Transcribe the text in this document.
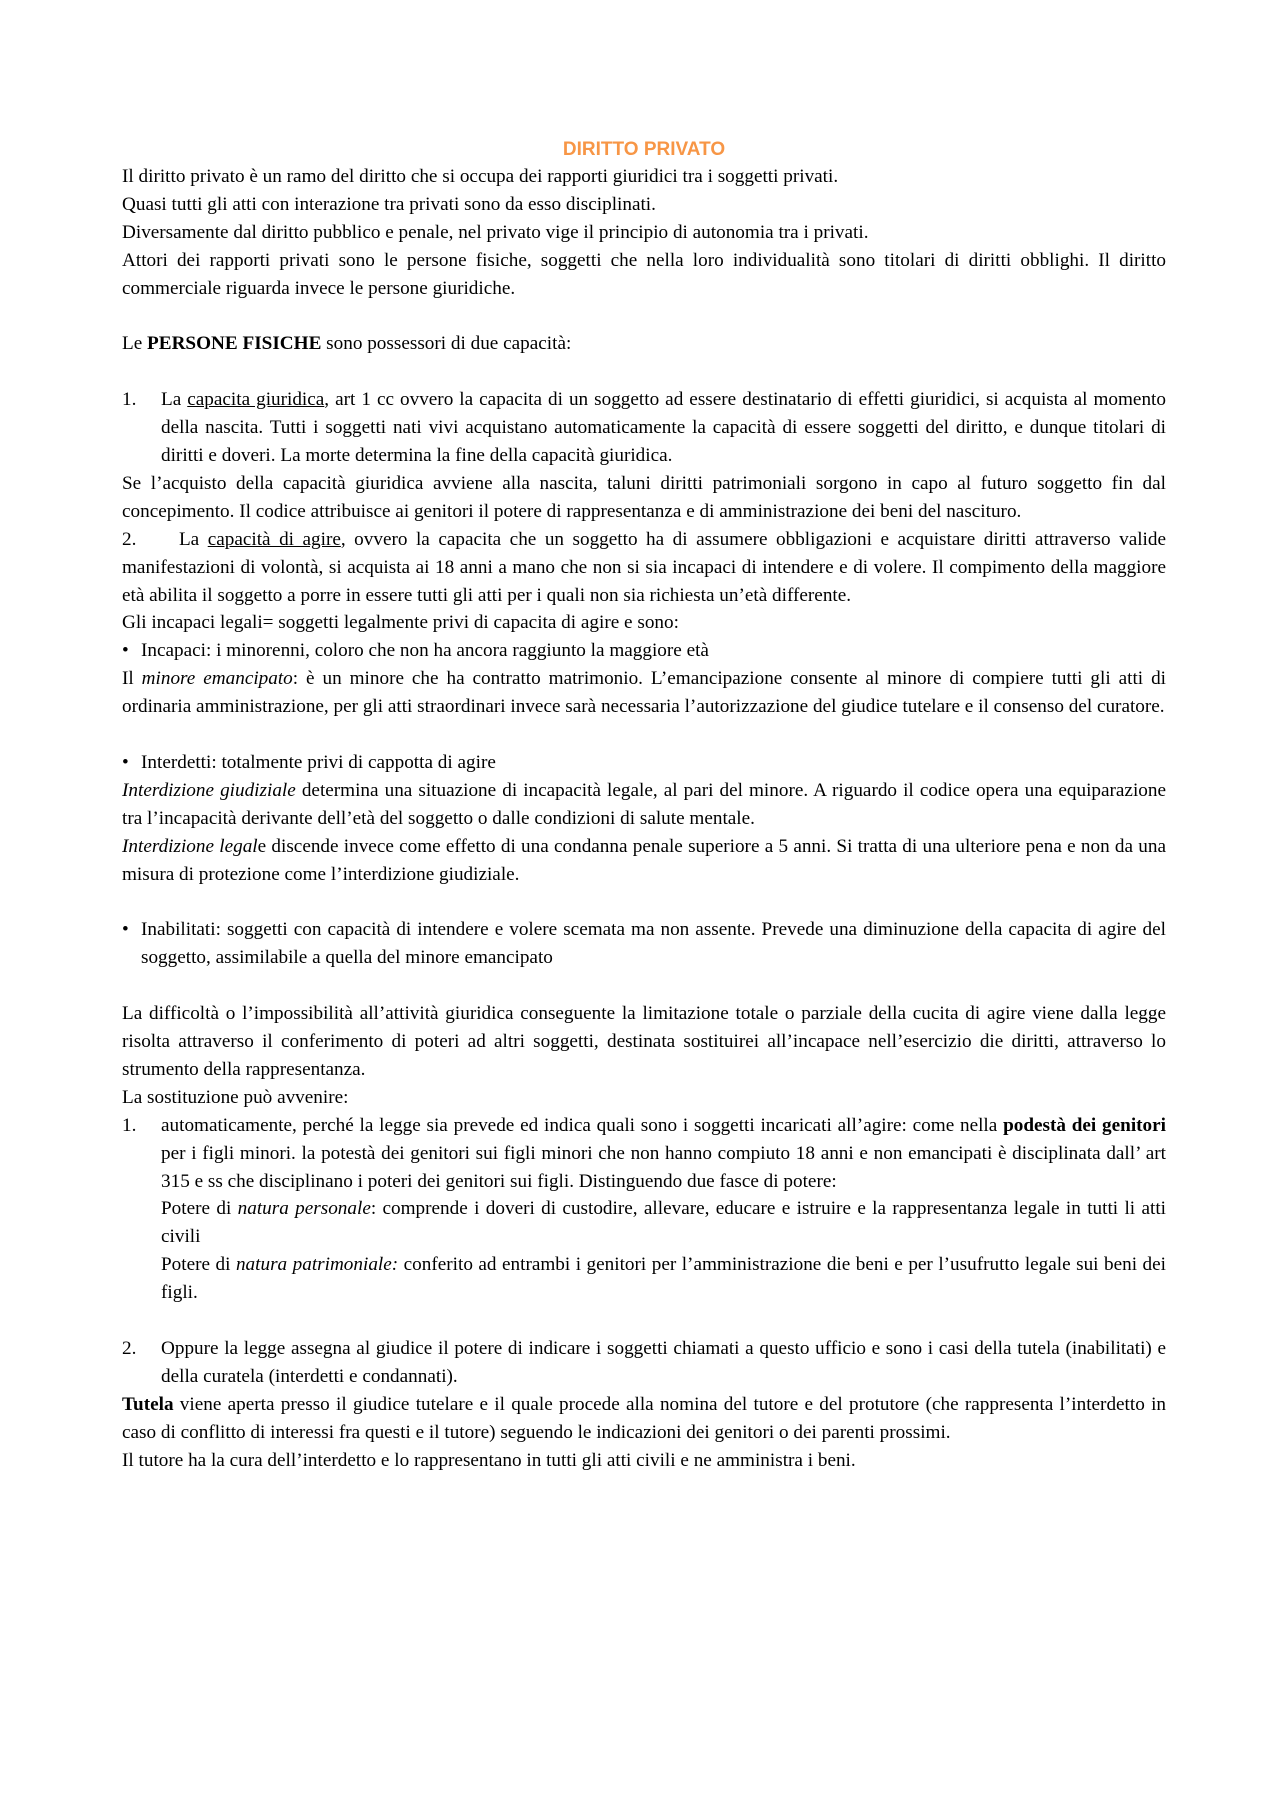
DIRITTO PRIVATO

Il diritto privato è un ramo del diritto che si occupa dei rapporti giuridici tra i soggetti privati.

Quasi tutti gli atti con interazione tra privati sono da esso disciplinati.

Diversamente dal diritto pubblico e penale, nel privato vige il principio di autonomia tra i privati.

Attori dei rapporti privati sono le persone fisiche, soggetti che nella loro individualità sono titolari di diritti obblighi. Il diritto commerciale riguarda invece le persone giuridiche.

Le PERSONE FISICHE sono possessori di due capacità:

1.	La capacita giuridica, art 1 cc ovvero la capacita di un soggetto ad essere destinatario di effetti giuridici, si acquista al momento della nascita. Tutti i soggetti nati vivi acquistano automaticamente la capacità di essere soggetti del diritto, e dunque titolari di diritti e doveri. La morte determina la fine della capacità giuridica.

Se l’acquisto della capacità giuridica avviene alla nascita, taluni diritti patrimoniali sorgono in capo al futuro soggetto fin dal concepimento. Il codice attribuisce ai genitori il potere di rappresentanza e di amministrazione dei beni del nascituro.

2.     La capacità di agire, ovvero la capacita che un soggetto ha di assumere obbligazioni e acquistare diritti attraverso valide manifestazioni di volontà, si acquista ai 18 anni a mano che non si sia incapaci di intendere e di volere. Il compimento della maggiore età abilita il soggetto a porre in essere tutti gli atti per i quali non sia richiesta un’età differente.

Gli incapaci legali= soggetti legalmente privi di capacita di agire e sono:

• Incapaci: i minorenni, coloro che non ha ancora raggiunto la maggiore età

Il minore emancipato: è un minore che ha contratto matrimonio. L’emancipazione consente al minore di compiere tutti gli atti di ordinaria amministrazione, per gli atti straordinari invece sarà necessaria l’autorizzazione del giudice tutelare e il consenso del curatore.

• Interdetti: totalmente privi di cappotta di agire

Interdizione giudiziale determina una situazione di incapacità legale, al pari del minore. A riguardo il codice opera una equiparazione tra l’incapacità derivante dell’età del soggetto o dalle condizioni di salute mentale.

Interdizione legale discende invece come effetto di una condanna penale superiore a 5 anni. Si tratta di una ulteriore pena e non da una misura di protezione come l’interdizione giudiziale.

• Inabilitati: soggetti con capacità di intendere e volere scemata ma non assente. Prevede una diminuzione della capacita di agire del soggetto, assimilabile a quella del minore emancipato

La difficoltà o l’impossibilità all’attività giuridica conseguente la limitazione totale o parziale della cucita di agire viene dalla legge risolta attraverso il conferimento di poteri ad altri soggetti, destinata sostituirei all’incapace nell’esercizio die diritti, attraverso lo strumento della rappresentanza.

La sostituzione può avvenire:

1.	automaticamente, perché la legge sia prevede ed indica quali sono i soggetti incaricati all’agire: come nella podestà dei genitori per i figli minori. la potestà dei genitori sui figli minori che non hanno compiuto 18 anni e non emancipati è disciplinata dall’ art 315 e ss che disciplinano i poteri dei genitori sui figli. Distinguendo due fasce di potere:

Potere di natura personale: comprende i doveri di custodire, allevare, educare e istruire e la rappresentanza legale in tutti li atti civili

Potere di natura patrimoniale: conferito ad entrambi i genitori per l’amministrazione die beni e per l’usufrutto legale sui beni dei figli.

2.	Oppure la legge assegna al giudice il potere di indicare i soggetti chiamati a questo ufficio e sono i casi della tutela (inabilitati) e della curatela (interdetti e condannati).

Tutela viene aperta presso il giudice tutelare e il quale procede alla nomina del tutore e del protutore (che rappresenta l’interdetto in caso di conflitto di interessi fra questi e il tutore) seguendo le indicazioni dei genitori o dei parenti prossimi.

Il tutore ha la cura dell’interdetto e lo rappresentano in tutti gli atti civili e ne amministra i beni.
